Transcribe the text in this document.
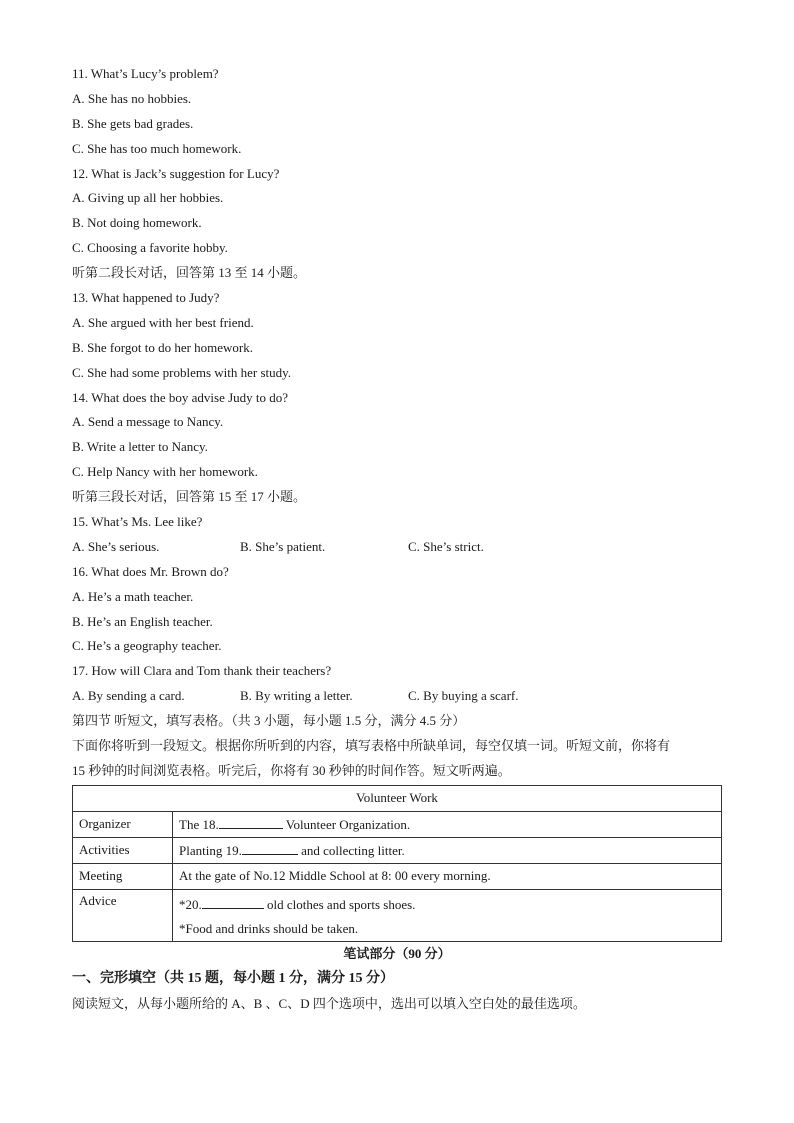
11. What’s Lucy’s problem?
A. She has no hobbies.
B. She gets bad grades.
C. She has too much homework.
12. What is Jack’s suggestion for Lucy?
A. Giving up all her hobbies.
B. Not doing homework.
C. Choosing a favorite hobby.
听第二段长对话，回答第 13 至 14 小题。
13. What happened to Judy?
A. She argued with her best friend.
B. She forgot to do her homework.
C. She had some problems with her study.
14. What does the boy advise Judy to do?
A. Send a message to Nancy.
B. Write a letter to Nancy.
C. Help Nancy with her homework.
听第三段长对话，回答第 15 至 17 小题。
15. What’s Ms. Lee like?
A. She’s serious.	B. She’s patient.	C. She’s strict.
16. What does Mr. Brown do?
A. He’s a math teacher.
B. He’s an English teacher.
C. He’s a geography teacher.
17. How will Clara and Tom thank their teachers?
A. By sending a card.	B. By writing a letter.	C. By buying a scarf.
第四节 听短文，填写表格。（共 3 小题，每小题 1.5 分，满分 4.5 分）
下面你将听到一段短文。根据你所听到的内容，填写表格中所缺单词，每空仅填一词。听短文前，你将有
15 秒钟的时间浏览表格。听完后，你将有 30 秒钟的时间作答。短文听两遍。
Volunteer Work	
Organizer	The 18. Volunteer Organization.
Activities	Planting 19. and collecting litter.
Meeting	At the gate of No.12 Middle School at 8: 00 every morning.
Advice	*20. old clothes and sports shoes.
*Food and drinks should be taken.
笔试部分（90 分）
一、完形填空（共 15 题，每小题 1 分，满分 15 分）
阅读短文，从每小题所给的 A、B 、C、D 四个选项中，选出可以填入空白处的最佳选项。
